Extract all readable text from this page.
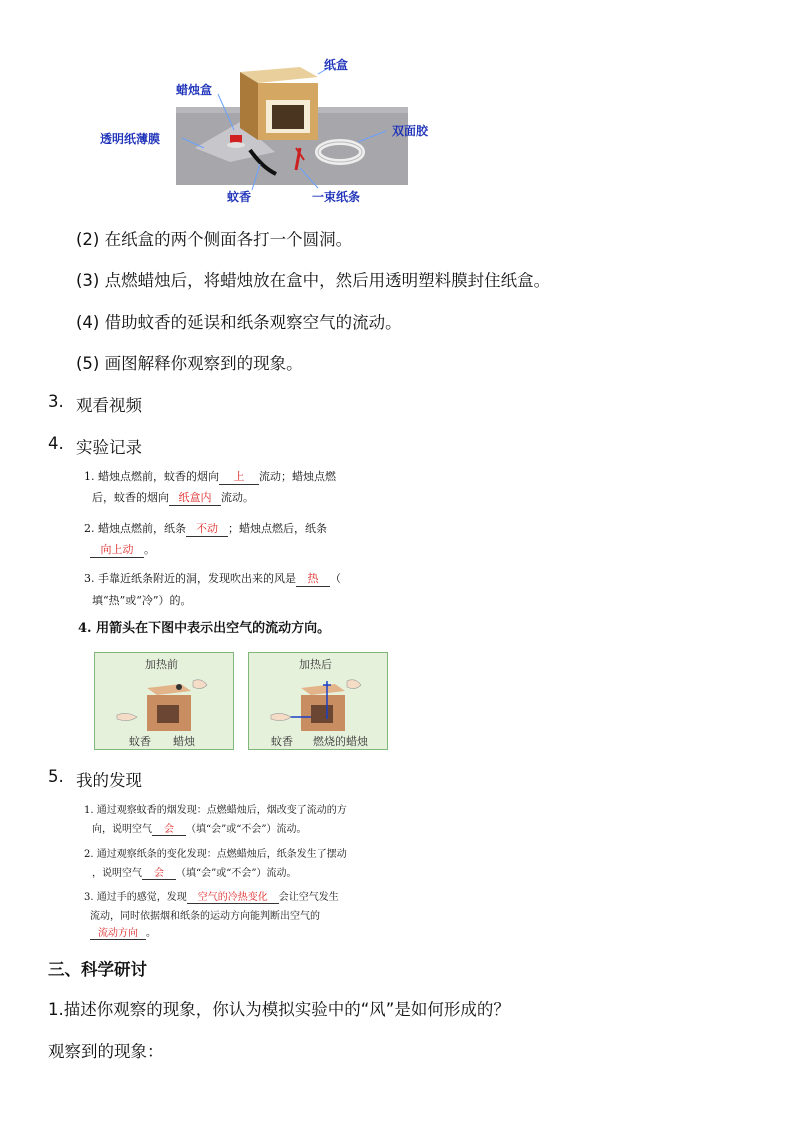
纸盒
蜡烛盒
透明纸薄膜
双面胶
蚊香	一束纸条
(2) 在纸盒的两个侧面各打一个圆洞。
(3) 点燃蜡烛后，将蜡烛放在盒中，然后用透明塑料膜封住纸盒。
(4) 借助蚊香的延误和纸条观察空气的流动。
(5) 画图解释你观察到的现象。
3. 观看视频
4. 实验记录
1. 蜡烛点燃前，蚊香的烟向 上 流动；蜡烛点燃
后，蚊香的烟向 纸盒内 流动。
2. 蜡烛点燃前，纸条 不动 ；蜡烛点燃后，纸条
向上动 。
3. 手靠近纸条附近的洞，发现吹出来的风是 热 （
填“热”或“冷”）的。
4. 用箭头在下图中表示出空气的流动方向。
加热前
蚊香 蜡烛
加热后
蚊香 燃烧的蜡烛
5. 我的发现
1. 通过观察蚊香的烟发现：点燃蜡烛后，烟改变了流动的方
向，说明空气 会 （填“会”或“不会”）流动。
2. 通过观察纸条的变化发现：点燃蜡烛后，纸条发生了摆动
，说明空气 会 （填“会”或“不会”）流动。
3. 通过手的感觉，发现 空气的冷热变化 会让空气发生
流动，同时依据烟和纸条的运动方向能判断出空气的
流动方向 。
三、科学研讨
1.描述你观察的现象，你认为模拟实验中的“风”是如何形成的？
观察到的现象：
